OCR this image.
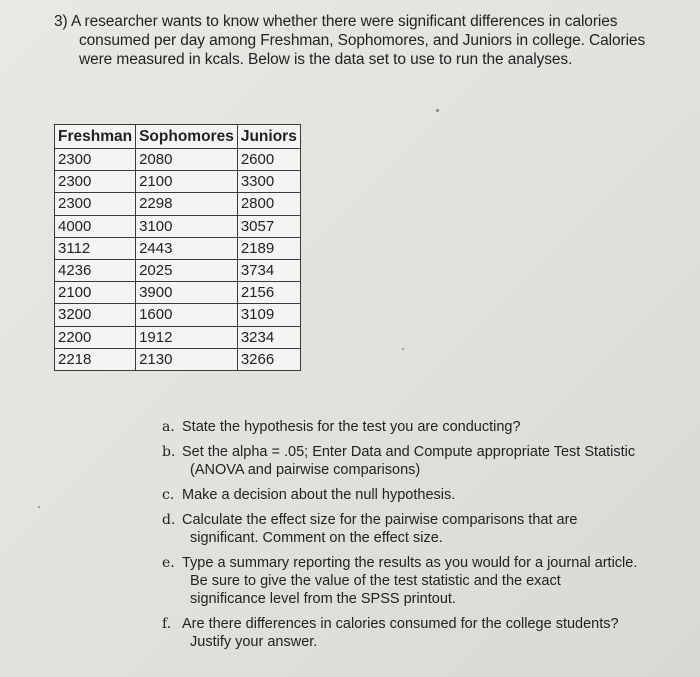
3) A researcher wants to know whether there were significant differences in calories
consumed per day among Freshman, Sophomores, and Juniors in college. Calories
were measured in kcals. Below is the data set to use to run the analyses.
Freshman	Sophomores	Juniors
2300	2080	2600
2300	2100	3300
2300	2298	2800
4000	3100	3057
3112	2443	2189
4236	2025	3734
2100	3900	2156
3200	1600	3109
2200	1912	3234
2218	2130	3266
a. State the hypothesis for the test you are conducting?
b. Set the alpha = .05; Enter Data and Compute appropriate Test Statistic
(ANOVA and pairwise comparisons)
c. Make a decision about the null hypothesis.
d. Calculate the effect size for the pairwise comparisons that are
significant. Comment on the effect size.
e. Type a summary reporting the results as you would for a journal article.
Be sure to give the value of the test statistic and the exact
significance level from the SPSS printout.
f. Are there differences in calories consumed for the college students?
Justify your answer.
